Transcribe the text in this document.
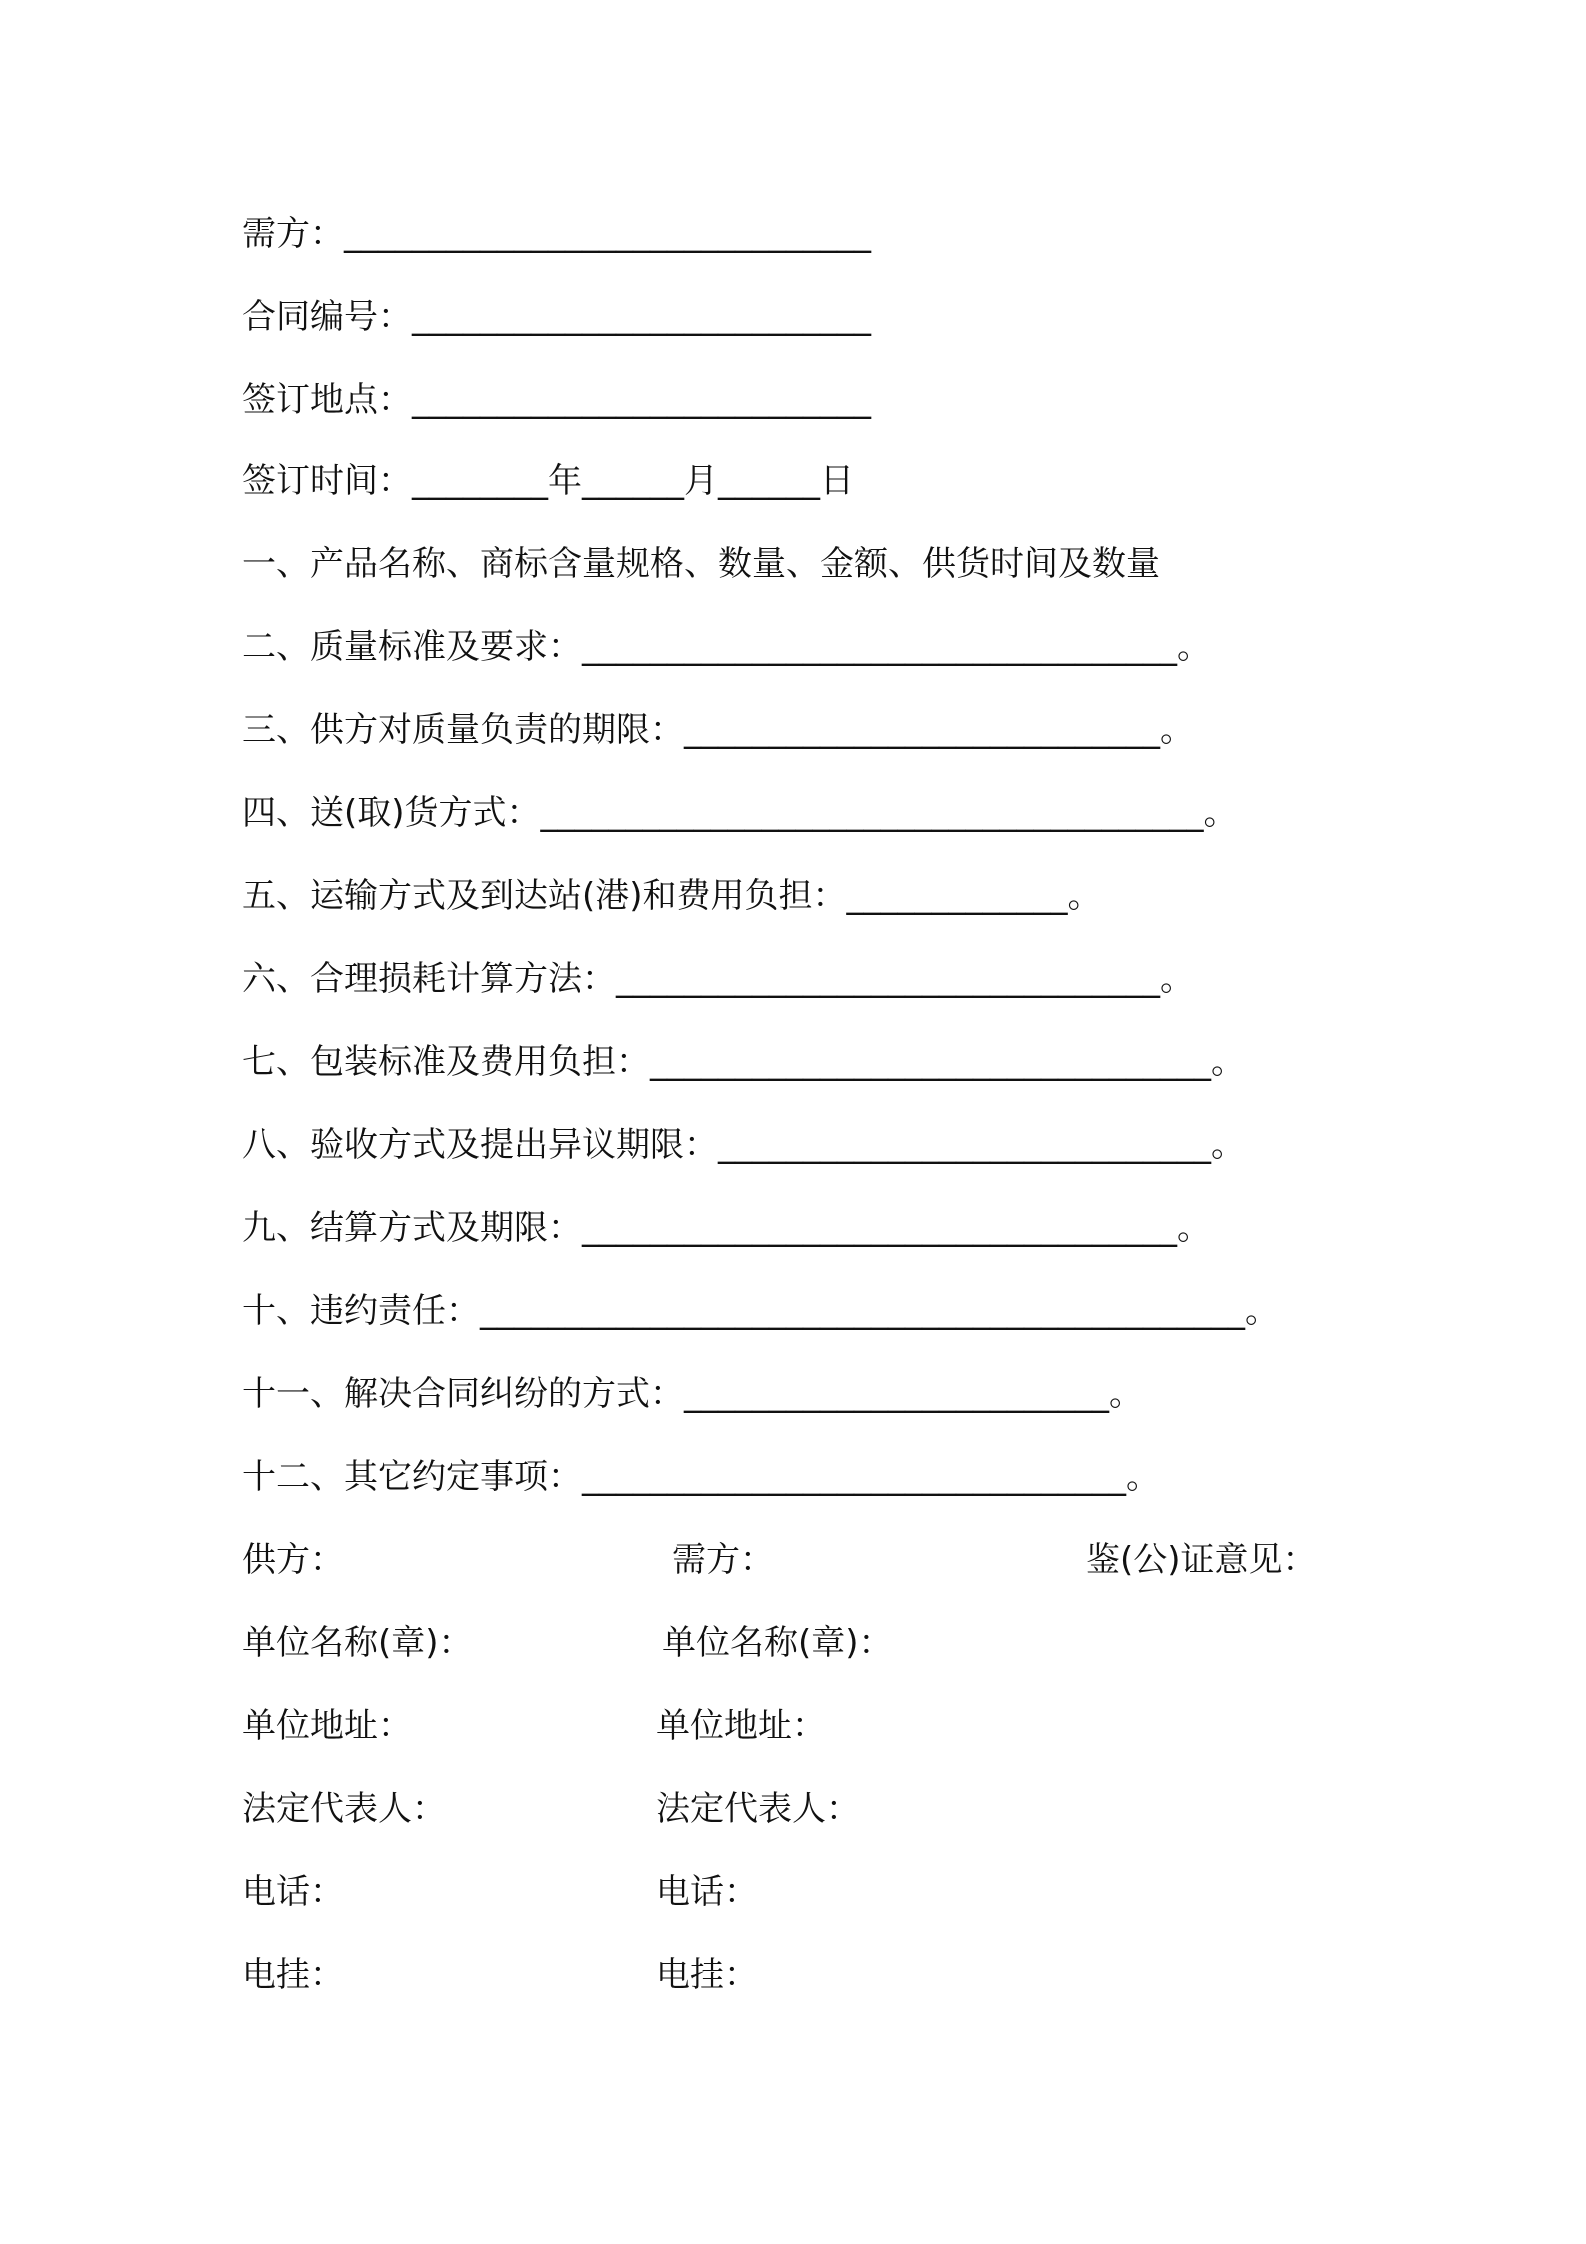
需方：_______________________________
合同编号：___________________________
签订地点：___________________________
签订时间：________年______月______日
一、产品名称、商标含量规格、数量、金额、供货时间及数量
二、质量标准及要求：___________________________________。
三、供方对质量负责的期限：____________________________。
四、送(取)货方式：_______________________________________。
五、运输方式及到达站(港)和费用负担：_____________。
六、合理损耗计算方法：________________________________。
七、包装标准及费用负担：_________________________________。
八、验收方式及提出异议期限：_____________________________。
九、结算方式及期限：___________________________________。
十、违约责任：_____________________________________________。
十一、解决合同纠纷的方式：_________________________。
十二、其它约定事项：________________________________。
供方：
单位名称(章)：
单位地址：
法定代表人：
电话：
电挂：
需方：
单位名称(章)：
单位地址：
法定代表人：
电话：
电挂：
鉴(公)证意见：
